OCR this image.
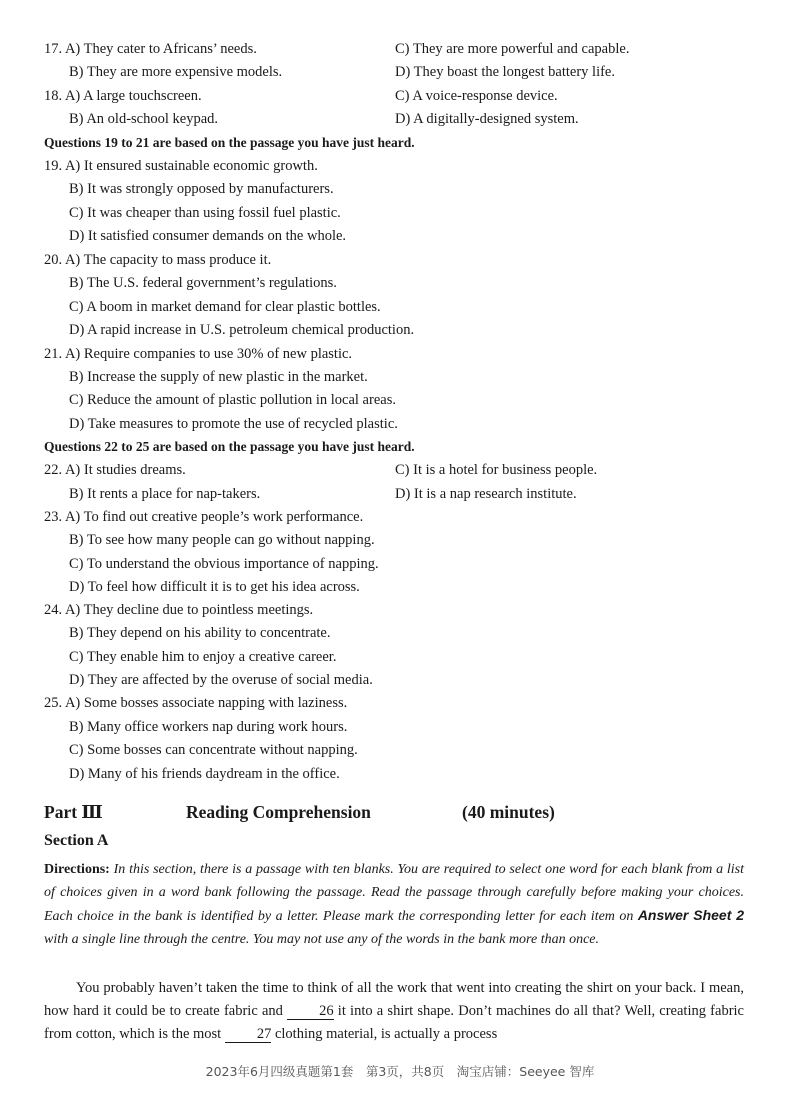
17. A) They cater to Africans’ needs.	C) They are more powerful and capable.
B) They are more expensive models.	D) They boast the longest battery life.
18. A) A large touchscreen.	C) A voice-response device.
B) An old-school keypad.	D) A digitally-designed system.
Questions 19 to 21 are based on the passage you have just heard.
19. A) It ensured sustainable economic growth.
B) It was strongly opposed by manufacturers.
C) It was cheaper than using fossil fuel plastic.
D) It satisfied consumer demands on the whole.
20. A) The capacity to mass produce it.
B) The U.S. federal government’s regulations.
C) A boom in market demand for clear plastic bottles.
D) A rapid increase in U.S. petroleum chemical production.
21. A) Require companies to use 30% of new plastic.
B) Increase the supply of new plastic in the market.
C) Reduce the amount of plastic pollution in local areas.
D) Take measures to promote the use of recycled plastic.
Questions 22 to 25 are based on the passage you have just heard.
22. A) It studies dreams.	C) It is a hotel for business people.
B) It rents a place for nap-takers.	D) It is a nap research institute.
23. A) To find out creative people’s work performance.
B) To see how many people can go without napping.
C) To understand the obvious importance of napping.
D) To feel how difficult it is to get his idea across.
24. A) They decline due to pointless meetings.
B) They depend on his ability to concentrate.
C) They enable him to enjoy a creative career.
D) They are affected by the overuse of social media.
25. A) Some bosses associate napping with laziness.
B) Many office workers nap during work hours.
C) Some bosses can concentrate without napping.
D) Many of his friends daydream in the office.
Part Ⅲ	Reading Comprehension	(40 minutes)
Section A
Directions: In this section, there is a passage with ten blanks. You are required to select one word for each blank from a list of choices given in a word bank following the passage. Read the passage through carefully before making your choices. Each choice in the bank is identified by a letter. Please mark the corresponding letter for each item on Answer Sheet 2 with a single line through the centre. You may not use any of the words in the bank more than once.
You probably haven’t taken the time to think of all the work that went into creating the shirt on your back. I mean, how hard it could be to create fabric and 26 it into a shirt shape. Don’t machines do all that? Well, creating fabric from cotton, which is the most 27 clothing material, is actually a process
2023年6月四级真题第1套　第3页，共8页　淘宝店铺：Seeyee 智库
